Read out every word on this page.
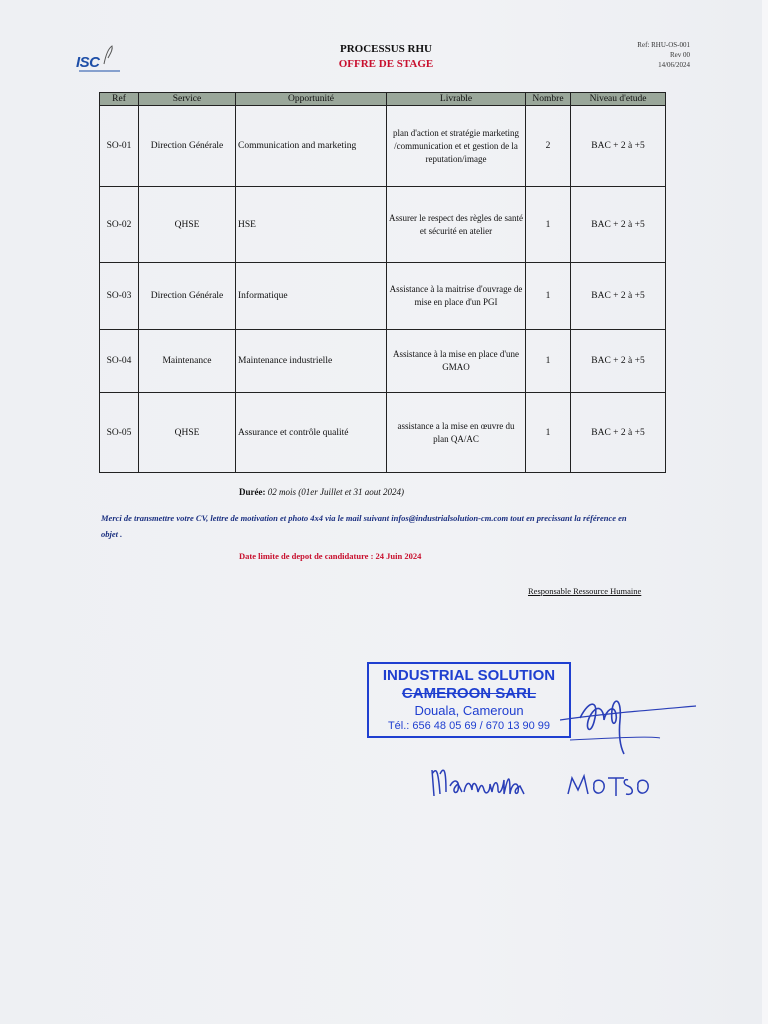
ISC
PROCESSUS RHU
OFFRE DE STAGE
Ref: RHU-OS-001
Rev 00
14/06/2024
Ref	Service	Opportunité	Livrable	Nombre	Niveau d'etude
SO-01	Direction Générale	Communication and marketing	plan d'action et stratégie marketing /communication et et gestion de la reputation/image	2	BAC + 2 à +5
SO-02	QHSE	HSE	Assurer le respect des règles de santé et sécurité en atelier	1	BAC + 2 à +5
SO-03	Direction Générale	Informatique	Assistance à la maitrise d'ouvrage de mise en place d'un PGI	1	BAC + 2 à +5
SO-04	Maintenance	Maintenance industrielle	Assistance à la mise en place d'une GMAO	1	BAC + 2 à +5
SO-05	QHSE	Assurance et contrôle qualité	assistance a la mise en œuvre du plan QA/AC	1	BAC + 2 à +5
Durée: 02 mois (01er Juillet et 31 aout 2024)
Merci de transmettre votre CV, lettre de motivation et photo 4x4 via le mail suivant infos@industrialsolution-cm.com tout en precissant la référence en objet .
Date limite de depot de candidature : 24 Juin 2024
Responsable Ressource Humaine
INDUSTRIAL SOLUTION
CAMEROON SARL
Douala, Cameroun
Tél.: 656 48 05 69 / 670 13 90 99
